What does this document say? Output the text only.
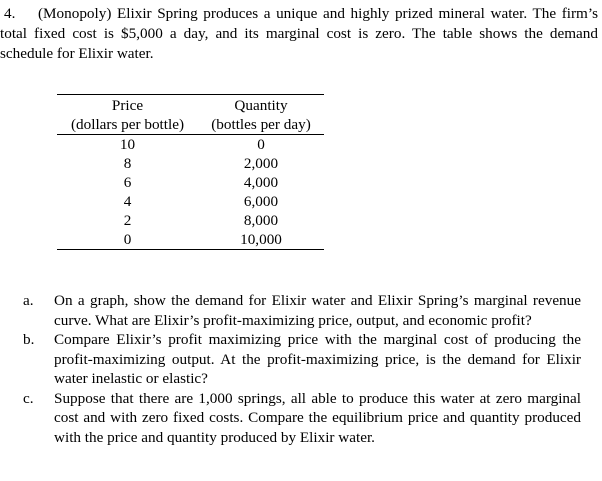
4. (Monopoly) Elixir Spring produces a unique and highly prized mineral water. The firm’s total fixed cost is $5,000 a day, and its marginal cost is zero. The table shows the demand schedule for Elixir water.
Price		Quantity
(dollars per bottle)		(bottles per day)
10		0
8		2,000
6		4,000
4		6,000
2		8,000
0		10,000
a.	On a graph, show the demand for Elixir water and Elixir Spring’s marginal revenue curve. What are Elixir’s profit-maximizing price, output, and economic profit?
b.	Compare Elixir’s profit maximizing price with the marginal cost of producing the profit-maximizing output. At the profit-maximizing price, is the demand for Elixir water inelastic or elastic?
c.	Suppose that there are 1,000 springs, all able to produce this water at zero marginal cost and with zero fixed costs. Compare the equilibrium price and quantity produced with the price and quantity produced by Elixir water.
